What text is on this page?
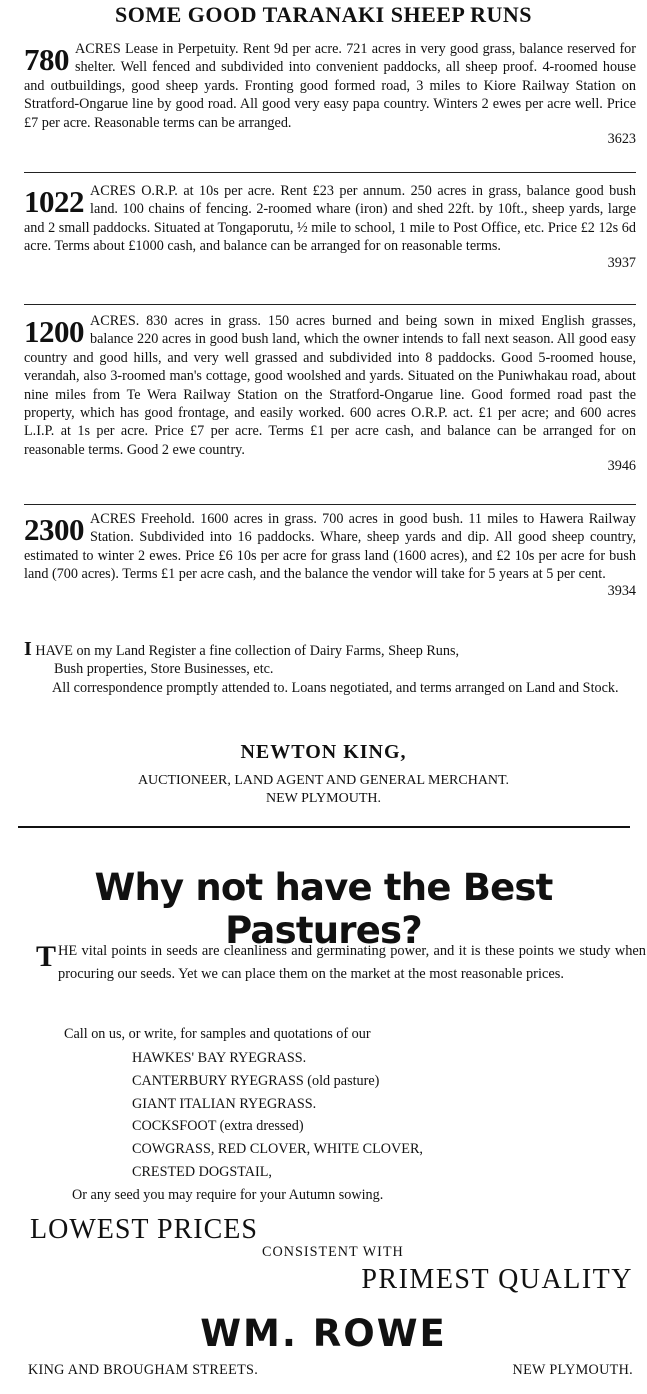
SOME GOOD TARANAKI SHEEP RUNS
780 ACRES Lease in Perpetuity. Rent 9d per acre. 721 acres in very good grass, balance reserved for shelter. Well fenced and subdivided into convenient paddocks, all sheep proof. 4-roomed house and outbuildings, good sheep yards. Fronting good formed road, 3 miles to Kiore Railway Station on Stratford-Ongarue line by good road. All good very easy papa country. Winters 2 ewes per acre well. Price £7 per acre. Reasonable terms can be arranged.
3623
1022 ACRES O.R.P. at 10s per acre. Rent £23 per annum. 250 acres in grass, balance good bush land. 100 chains of fencing. 2-roomed whare (iron) and shed 22ft. by 10ft., sheep yards, large and 2 small paddocks. Situated at Tongaporutu, ½ mile to school, 1 mile to Post Office, etc. Price £2 12s 6d acre. Terms about £1000 cash, and balance can be arranged for on reasonable terms.
3937
1200 ACRES. 830 acres in grass. 150 acres burned and being sown in mixed English grasses, balance 220 acres in good bush land, which the owner intends to fall next season. All good easy country and good hills, and very well grassed and subdivided into 8 paddocks. Good 5-roomed house, verandah, also 3-roomed man's cottage, good woolshed and yards. Situated on the Puniwhakau road, about nine miles from Te Wera Railway Station on the Stratford-Ongarue line. Good formed road past the property, which has good frontage, and easily worked. 600 acres O.R.P. act. £1 per acre; and 600 acres L.I.P. at 1s per acre. Price £7 per acre. Terms £1 per acre cash, and balance can be arranged for on reasonable terms. Good 2 ewe country.
3946
2300 ACRES Freehold. 1600 acres in grass. 700 acres in good bush. 11 miles to Hawera Railway Station. Subdivided into 16 paddocks. Whare, sheep yards and dip. All good sheep country, estimated to winter 2 ewes. Price £6 10s per acre for grass land (1600 acres), and £2 10s per acre for bush land (700 acres). Terms £1 per acre cash, and the balance the vendor will take for 5 years at 5 per cent.
3934

I HAVE on my Land Register a fine collection of Dairy Farms, Sheep Runs,

Bush properties, Store Businesses, etc.

All correspondence promptly attended to. Loans negotiated, and terms arranged on Land and Stock.

NEWTON KING,
AUCTIONEER, LAND AGENT AND GENERAL MERCHANT.
NEW PLYMOUTH.
Why not have the Best Pastures?
T HE vital points in seeds are cleanliness and germinating power, and it is these points we study when procuring our seeds. Yet we can place them on the market at the most reasonable prices.
Call on us, or write, for samples and quotations of our
HAWKES' BAY RYEGRASS.
CANTERBURY RYEGRASS (old pasture)
GIANT ITALIAN RYEGRASS.
COCKSFOOT (extra dressed)
COWGRASS, RED CLOVER, WHITE CLOVER,
CRESTED DOGSTAIL,
Or any seed you may require for your Autumn sowing.
LOWEST PRICES
CONSISTENT WITH
PRIMEST QUALITY
WM. ROWE
KING AND BROUGHAM STREETS.	NEW PLYMOUTH.
